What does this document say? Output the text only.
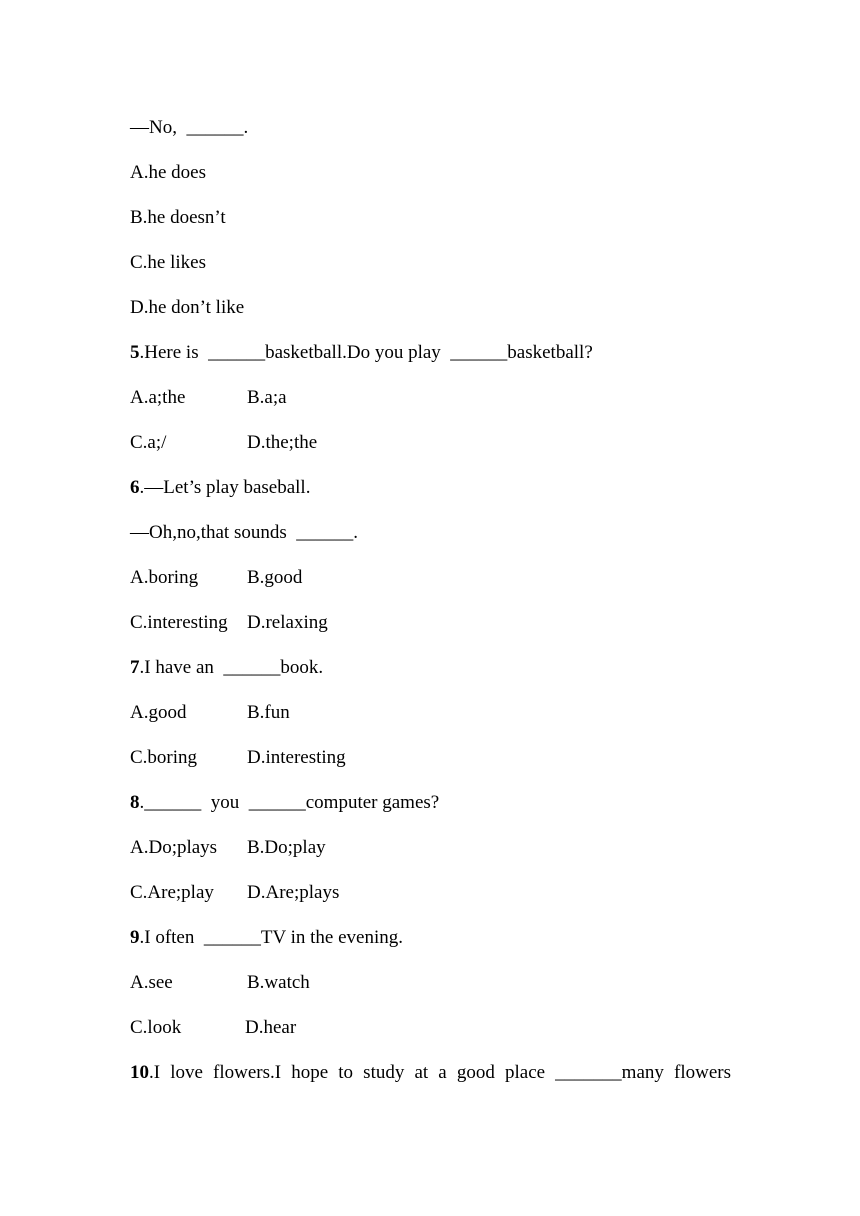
—No,  ______.
A.he does
B.he doesn’t
C.he likes
D.he don’t like
5.Here is  ______basketball.Do you play  ______basketball?
A.a;the	B.a;a
C.a;/	D.the;the
6.—Let’s play baseball.
—Oh,no,that sounds  ______.
A.boring	B.good
C.interesting D.relaxing
7.I have an  ______book.
A.good	B.fun
C.boring	D.interesting
8.______  you  ______computer games?
A.Do;plays B.Do;play
C.Are;play D.Are;plays
9.I often  ______TV in the evening.
A.see	B.watch
C.look	D.hear
10.I love flowers.I hope to study at a good place _______many flowers
